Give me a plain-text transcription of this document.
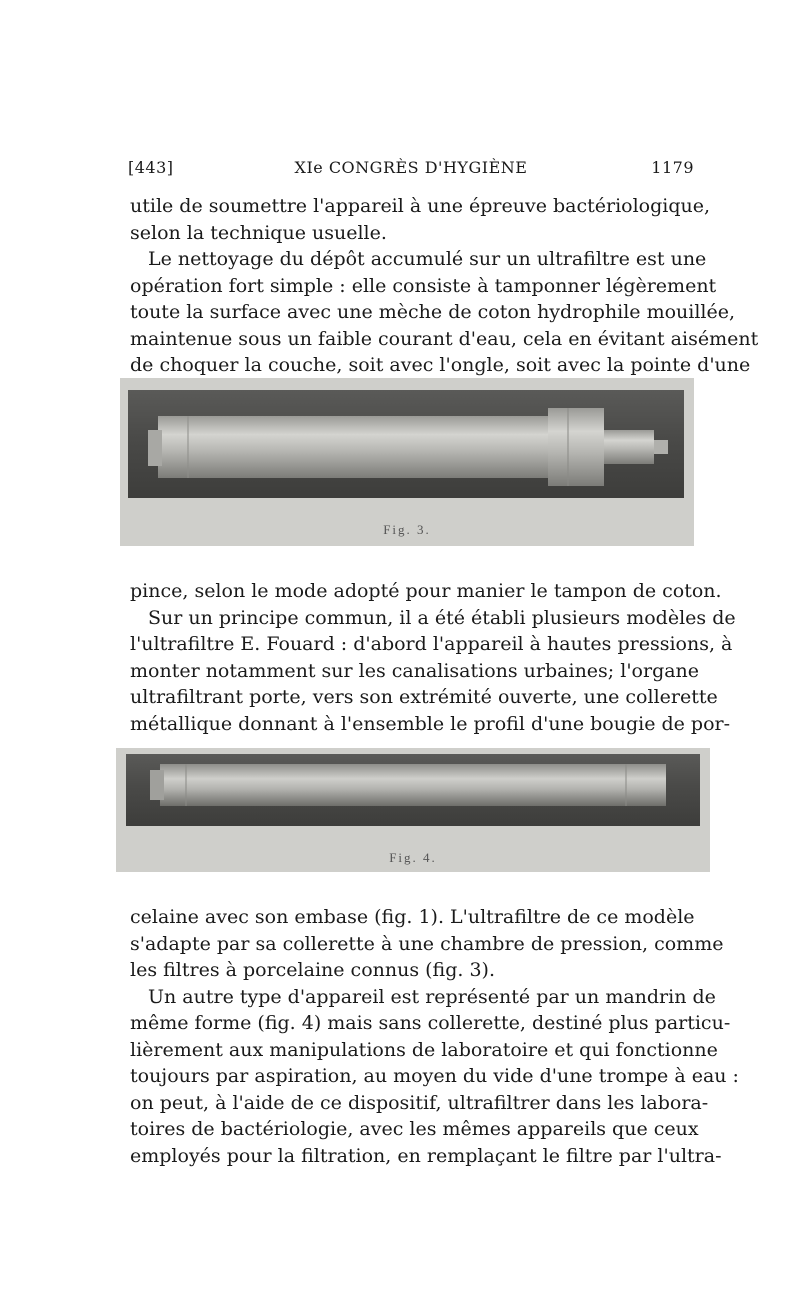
[443]	XIe CONGRÈS D'HYGIÈNE	1179
utile de soumettre l'appareil à une épreuve bactériologique,
selon la technique usuelle.
Le nettoyage du dépôt accumulé sur un ultrafiltre est une
opération fort simple : elle consiste à tamponner légèrement
toute la surface avec une mèche de coton hydrophile mouillée,
maintenue sous un faible courant d'eau, cela en évitant aisément
de choquer la couche, soit avec l'ongle, soit avec la pointe d'une
Fig. 3.
pince, selon le mode adopté pour manier le tampon de coton.
Sur un principe commun, il a été établi plusieurs modèles de
l'ultrafiltre E. Fouard : d'abord l'appareil à hautes pressions, à
monter notamment sur les canalisations urbaines; l'organe
ultrafiltrant porte, vers son extrémité ouverte, une collerette
métallique donnant à l'ensemble le profil d'une bougie de por-
Fig. 4.
celaine avec son embase (fig. 1). L'ultrafiltre de ce modèle
s'adapte par sa collerette à une chambre de pression, comme
les filtres à porcelaine connus (fig. 3).
Un autre type d'appareil est représenté par un mandrin de
même forme (fig. 4) mais sans collerette, destiné plus particu-
lièrement aux manipulations de laboratoire et qui fonctionne
toujours par aspiration, au moyen du vide d'une trompe à eau :
on peut, à l'aide de ce dispositif, ultrafiltrer dans les labora-
toires de bactériologie, avec les mêmes appareils que ceux
employés pour la filtration, en remplaçant le filtre par l'ultra-
